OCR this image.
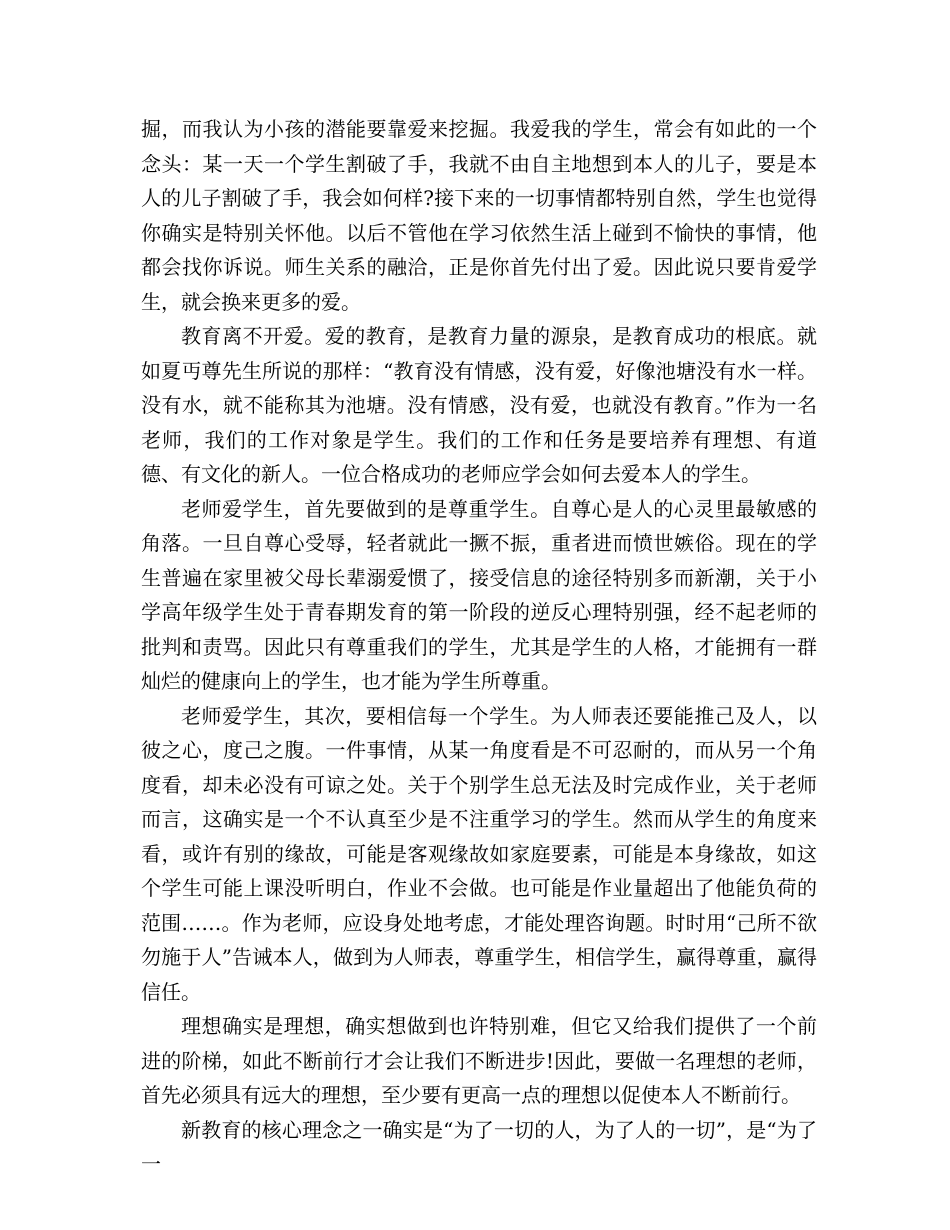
掘，而我认为小孩的潜能要靠爱来挖掘。我爱我的学生，常会有如此的一个念头：某一天一个学生割破了手，我就不由自主地想到本人的儿子，要是本人的儿子割破了手，我会如何样?接下来的一切事情都特别自然，学生也觉得你确实是特别关怀他。以后不管他在学习依然生活上碰到不愉快的事情，他都会找你诉说。师生关系的融洽，正是你首先付出了爱。因此说只要肯爱学生，就会换来更多的爱。

教育离不开爱。爱的教育，是教育力量的源泉，是教育成功的根底。就如夏丏尊先生所说的那样：“教育没有情感，没有爱，好像池塘没有水一样。没有水，就不能称其为池塘。没有情感，没有爱，也就没有教育。”作为一名老师，我们的工作对象是学生。我们的工作和任务是要培养有理想、有道德、有文化的新人。一位合格成功的老师应学会如何去爱本人的学生。

老师爱学生，首先要做到的是尊重学生。自尊心是人的心灵里最敏感的角落。一旦自尊心受辱，轻者就此一撅不振，重者进而愤世嫉俗。现在的学生普遍在家里被父母长辈溺爱惯了，接受信息的途径特别多而新潮，关于小学高年级学生处于青春期发育的第一阶段的逆反心理特别强，经不起老师的批判和责骂。因此只有尊重我们的学生，尤其是学生的人格，才能拥有一群灿烂的健康向上的学生，也才能为学生所尊重。

老师爱学生，其次，要相信每一个学生。为人师表还要能推己及人，以彼之心，度己之腹。一件事情，从某一角度看是不可忍耐的，而从另一个角度看，却未必没有可谅之处。关于个别学生总无法及时完成作业，关于老师而言，这确实是一个不认真至少是不注重学习的学生。然而从学生的角度来看，或许有别的缘故，可能是客观缘故如家庭要素，可能是本身缘故，如这个学生可能上课没听明白，作业不会做。也可能是作业量超出了他能负荷的范围……。作为老师，应设身处地考虑，才能处理咨询题。时时用“己所不欲勿施于人”告诫本人，做到为人师表，尊重学生，相信学生，赢得尊重，赢得信任。

理想确实是理想，确实想做到也许特别难，但它又给我们提供了一个前进的阶梯，如此不断前行才会让我们不断进步!因此，要做一名理想的老师，首先必须具有远大的理想，至少要有更高一点的理想以促使本人不断前行。

新教育的核心理念之一确实是“为了一切的人，为了人的一切”，是“为了一
